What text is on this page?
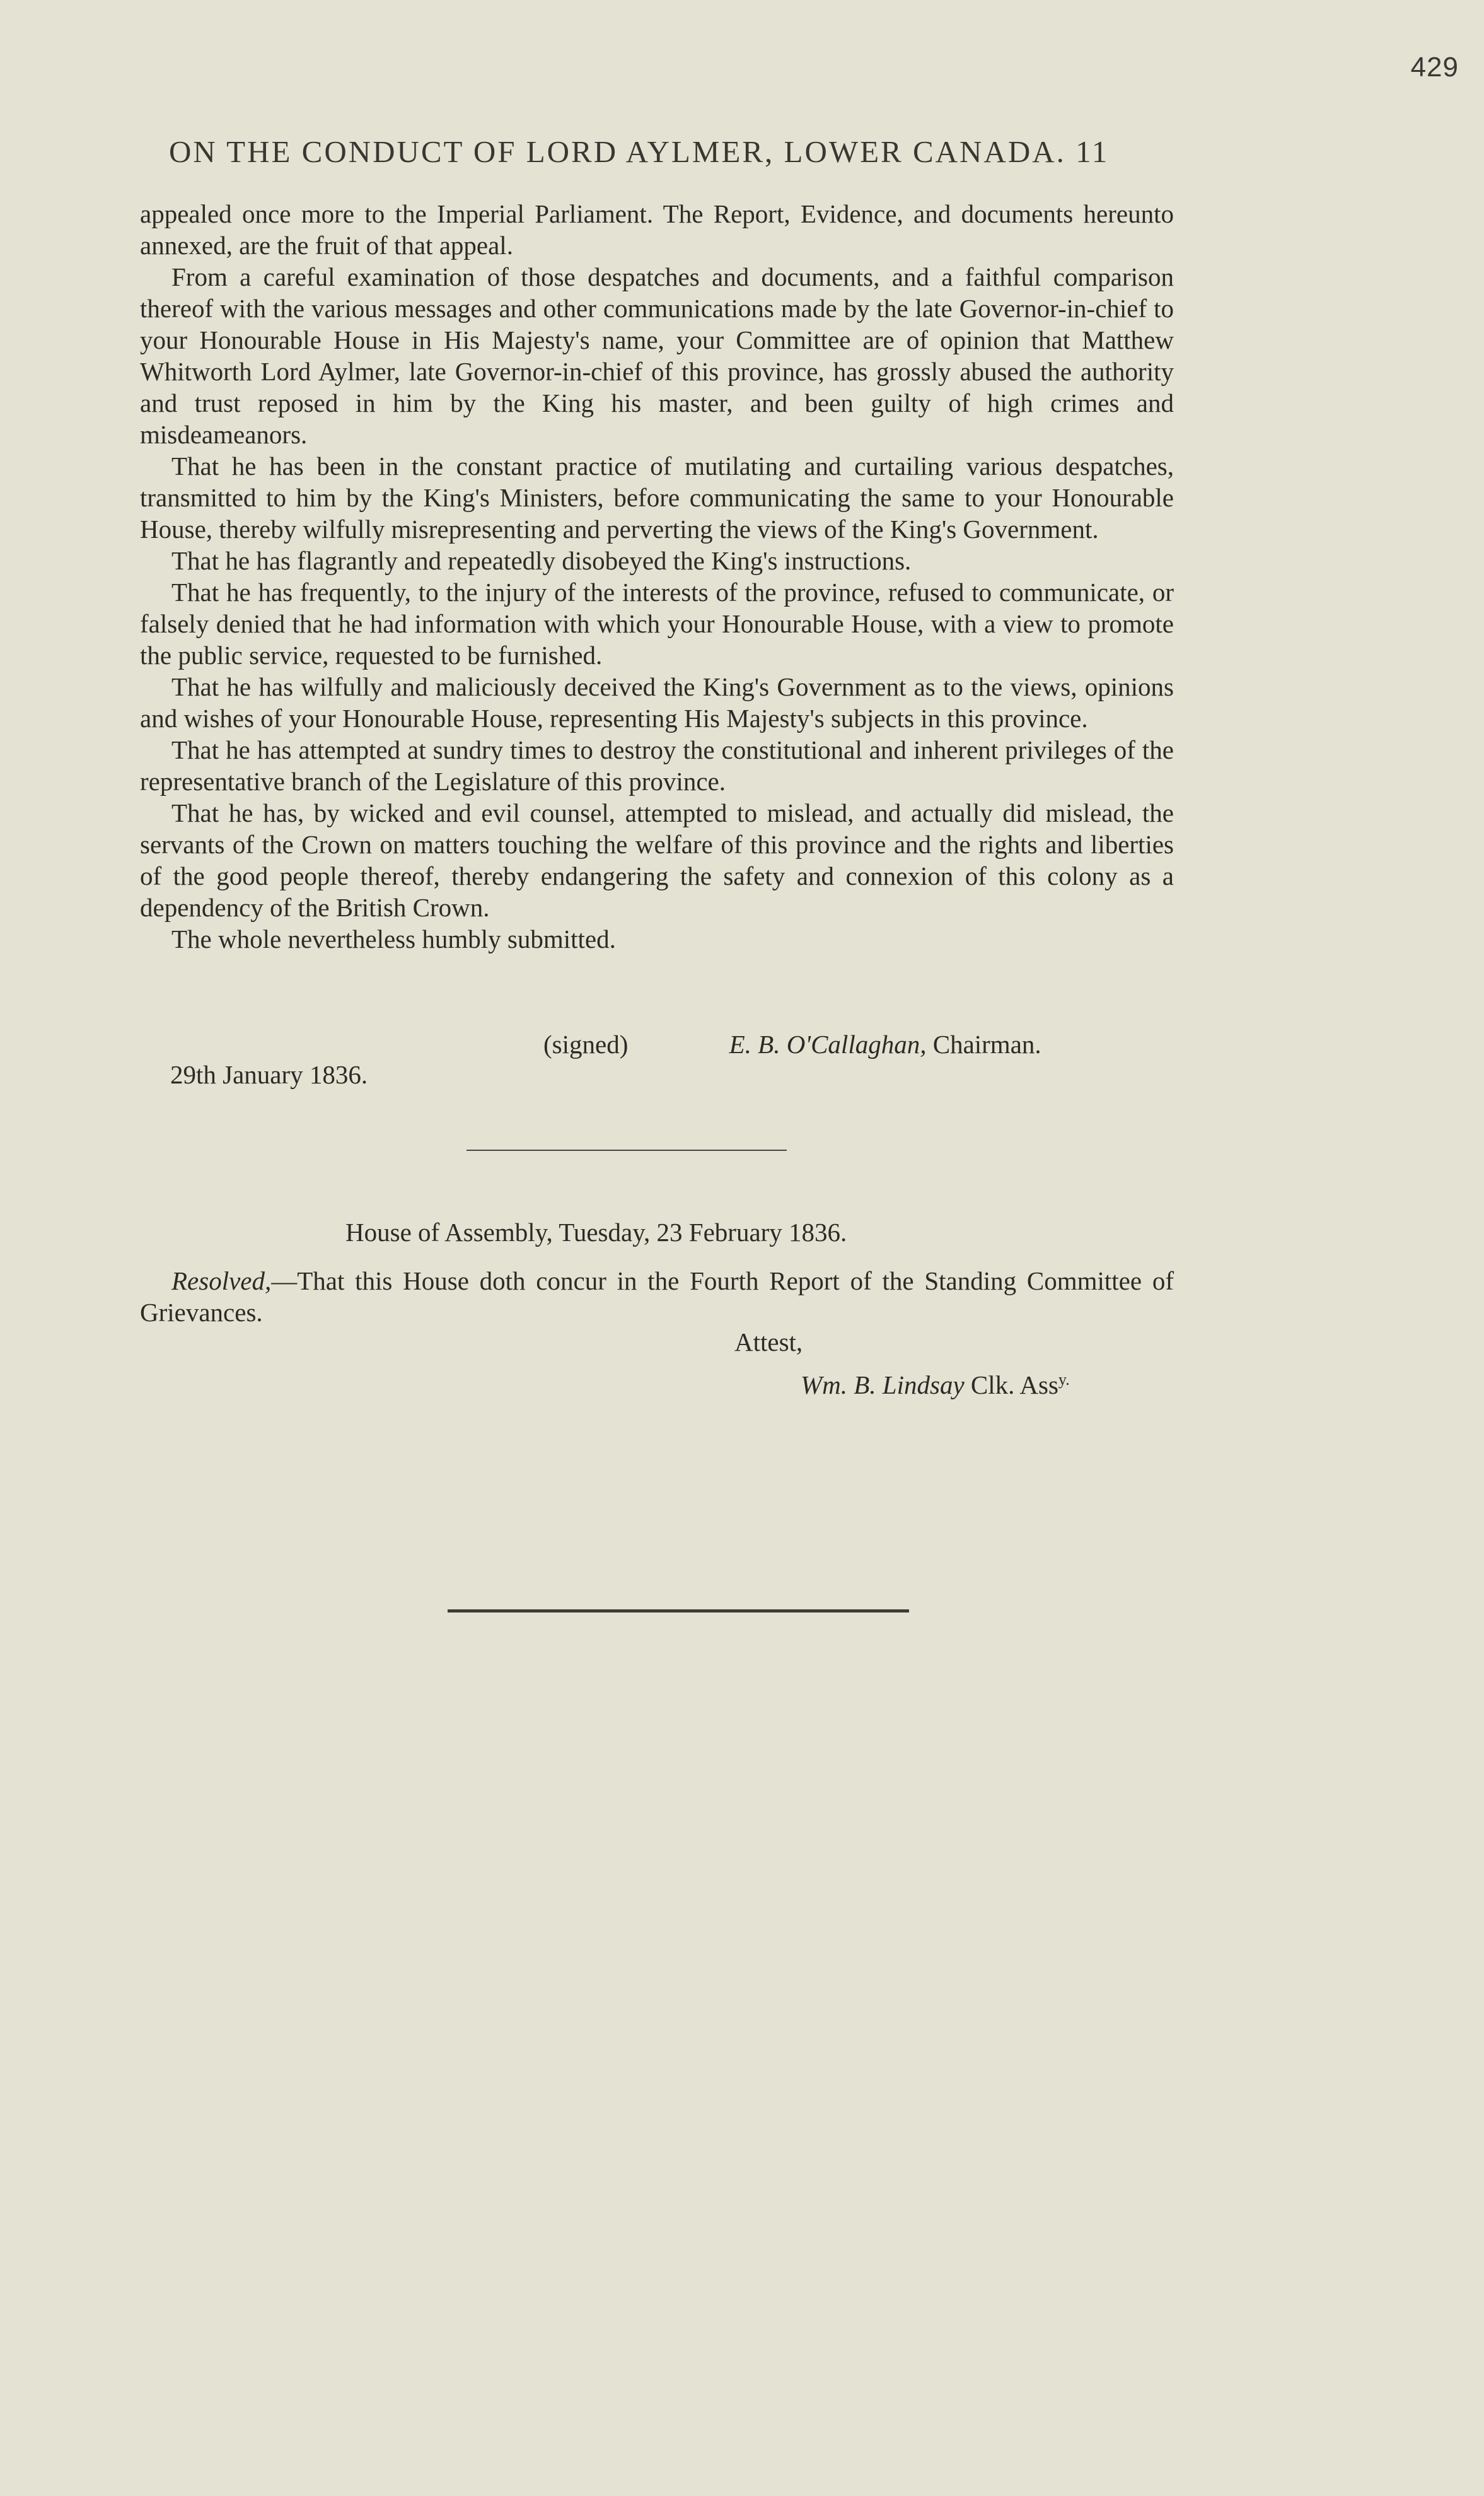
429
ON THE CONDUCT OF LORD AYLMER, LOWER CANADA. 11

appealed once more to the Imperial Parliament. The Report, Evidence, and documents hereunto annexed, are the fruit of that appeal.

From a careful examination of those despatches and documents, and a faithful comparison thereof with the various messages and other communications made by the late Governor-in-chief to your Honourable House in His Majesty's name, your Committee are of opinion that Matthew Whitworth Lord Aylmer, late Governor-in-chief of this province, has grossly abused the authority and trust reposed in him by the King his master, and been guilty of high crimes and misdeameanors.

That he has been in the constant practice of mutilating and curtailing various despatches, transmitted to him by the King's Ministers, before communicating the same to your Honourable House, thereby wilfully misrepresenting and perverting the views of the King's Government.

That he has flagrantly and repeatedly disobeyed the King's instructions.

That he has frequently, to the injury of the interests of the province, refused to communicate, or falsely denied that he had information with which your Honourable House, with a view to promote the public service, requested to be furnished.

That he has wilfully and maliciously deceived the King's Government as to the views, opinions and wishes of your Honourable House, representing His Majesty's subjects in this province.

That he has attempted at sundry times to destroy the constitutional and inherent privileges of the representative branch of the Legislature of this province.

That he has, by wicked and evil counsel, attempted to mislead, and actually did mislead, the servants of the Crown on matters touching the welfare of this province and the rights and liberties of the good people thereof, thereby endangering the safety and connexion of this colony as a dependency of the British Crown.

The whole nevertheless humbly submitted.

(signed)	E. B. O'Callaghan, Chairman.
29th January 1836.
House of Assembly, Tuesday, 23 February 1836.

Resolved,—That this House doth concur in the Fourth Report of the Standing Committee of Grievances.

Attest,
Wm. B. Lindsay Clk. Ass$^{y.}$
